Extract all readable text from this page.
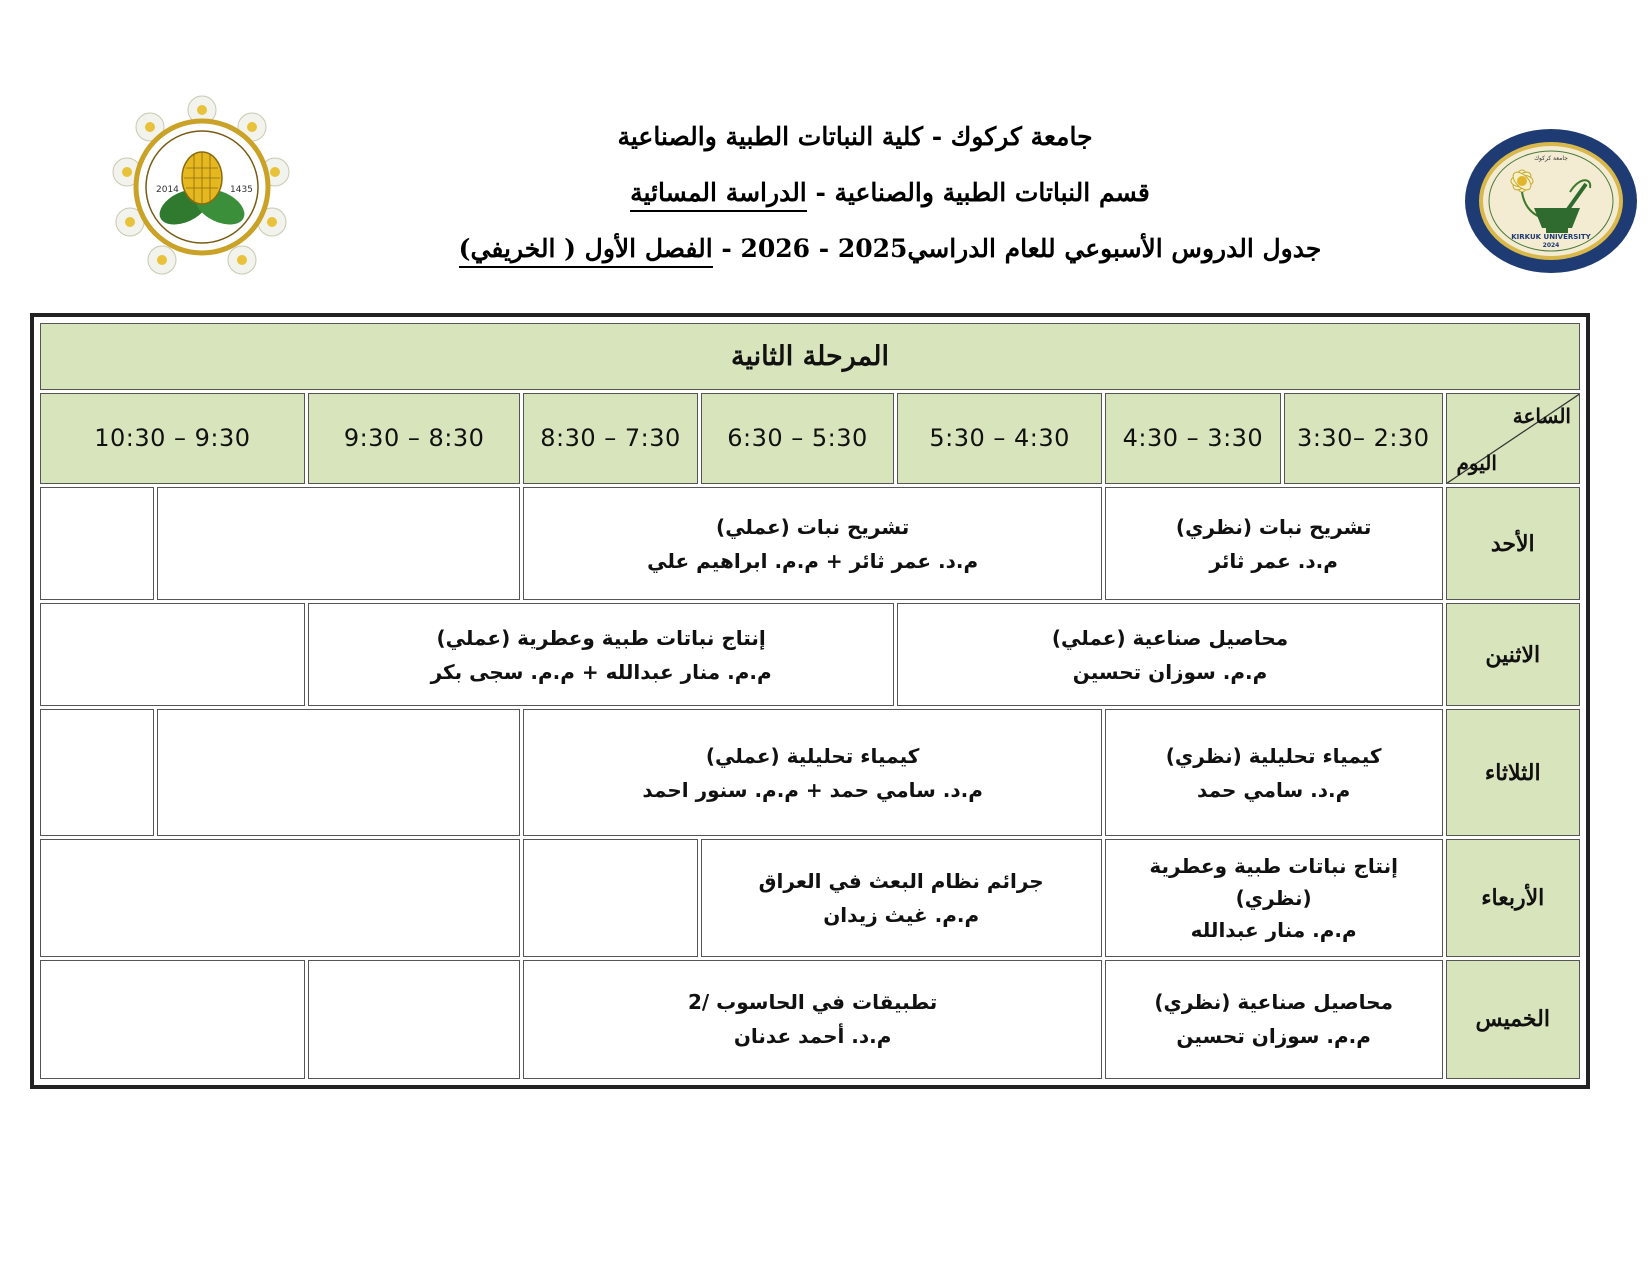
2014	1435
KIRKUK UNIVERSITY
2024
جامعة كركوك
جامعة كركوك - كلية النباتات الطبية والصناعية
قسم النباتات الطبية والصناعية - الدراسة المسائية
جدول الدروس الأسبوعي للعام الدراسي2025 - 2026 - الفصل الأول ( الخريفي)
المرحلة الثانية								

الساعة
اليوم	3:30– 2:30	4:30 – 3:30	5:30 – 4:30	6:30 – 5:30	8:30 – 7:30	9:30 – 8:30	10:30 – 9:30	
الأحد	تشريح نبات (نظري)
م.د. عمر ثائر		تشريح نبات (عملي)
م.د. عمر ثائر + م.م. ابراهيم علي					

الاثنين	محاصيل صناعية (عملي)
م.م. سوزان تحسين			إنتاج نباتات طبية وعطرية (عملي)
م.م. منار عبدالله + م.م. سجى بكر				

الثلاثاء	كيمياء تحليلية (نظري)
م.د. سامي حمد		كيمياء تحليلية (عملي)
م.د. سامي حمد + م.م. سنور احمد					

الأربعاء	إنتاج نباتات طبية وعطرية
(نظري)
م.م. منار عبدالله		جرائم نظام البعث في العراق
م.م. غيث زيدان					

الخميس	محاصيل صناعية (نظري)
م.م. سوزان تحسين		تطبيقات في الحاسوب /2
م.د. أحمد عدنان					
